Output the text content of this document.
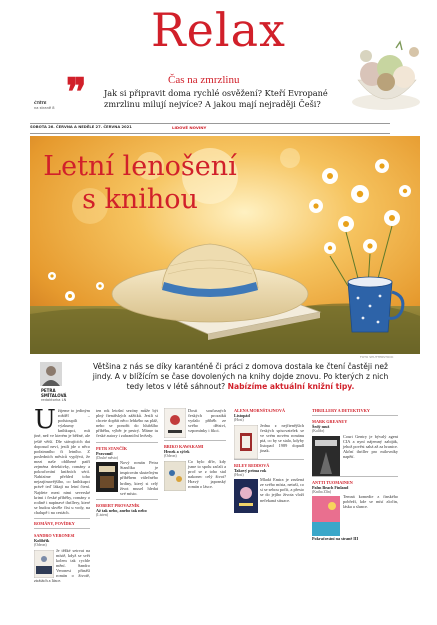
Relax
❞	Čas na zmrzlinu
Jak si připravit doma rychlé osvěžení? Kteří Evropané zmrzlinu milují nejvíce? A jakou mají nejraději Češi?
ČTĚTE
na straně 8
SOBOTA 26. ČERVNA A NEDĚLE 27. ČERVNA 2021	LIDOVÉ NOVINY
Letní lenošení
s knihou
FOTO SHUTTERSTOCK
PETRA SMÍTALOVÁ
redaktorka LN
Většina z nás se díky karanténě či práci z domova dostala ke čtení častěji než jindy. A v blížícím se čase dovolených na knihy dojde znovu. Po kterých z nich tedy letos v létě sáhnout? Nabízíme aktuální knižní tipy.
U žijeme to jediným rožděl – podstoupili výzkumy knihkupci, mít jiné, než ve kterém je běžné, ale ještě větší. Dle stávajících dat doposud neví, jestli jde o něco podzimního či letního. Z posledních měsíců vyplývá, že mezi naše oblíbené patří zejména detektivky, romány a pokračování knižních sérií. Nabízíme přehled toho nejzajímavějšího, co knihkupci právě teď lákají na letní čtení. Najdete mezi nimi severské krimi i české příběhy, romány o rodině i napínavé thrillery, které se budou skvěle číst u vody, na chalupě i na cestách.
ROMÁNY, POVÍDKY
SANDRO VERONESI
Kolibřík
(Odeon)
Je těžké setrvat na místě, když se svět kolem tak rychle mění. Sandro Veronesi přináší román o životě, ztrátách a lásce.
ten rok letošní sezóny může být plný čtenářských zážitků. Jestli si chcete dopřát něco lehkého na pláž, nebo se ponořit do hlubšího příběhu, výběr je pestrý. Máme tu české autory i zahraniční hvězdy.
PETR STANČÍK
Pravomil
(Druhé město)
Nový román Petra Stančíka je inspirován skutečným příběhem válečného hrdiny, který si celý život musel hledat své místo.
ROBERT PROVAZNÍK
Až tak nebo, anebo tak nebo
(Listen)
Dosti současných českých prozaiků vydalo příběh ze svého dětství, vzpomínky i fikci.
BRIKO KAWAKAMI
Hrnek a sýček
(Odeon)
Co bylo dřív, kdy jsme to spolu začali a proč se z toho stal nakonec celý život? Hravý japonský román o lásce.
ALENA MORNŠTAJNOVÁ
Listopád
(Host)
Jedna z nejčtenějších českých spisovatelek se ve svém novém románu ptá, co by se stalo, kdyby listopad 1989 dopadl jinak.
RILEY REDDOVÁ
Takový prima rok
(Host)
Mladá Emira je zrušená ze svého místa, netuší, co si se sebou počít, a přesto se do jejího života vloží nečekaná situace.
THRILLERY A DETEKTIVKY
MARK GREANEY
Šedý muž
(Kalibr)
Court Gentry je bývalý agent CIA a nyní nájemný zabiják, jehož pověst sahá až za hranice. Akční thriller pro milovníky napětí.
ANTTI TUOMAINEN
Palm Beach Finland
(Kniha Zlín)
Temná komedie z finského pobřeží, kde se mísí zločin, láska a slunce.
Pokračování na straně III
